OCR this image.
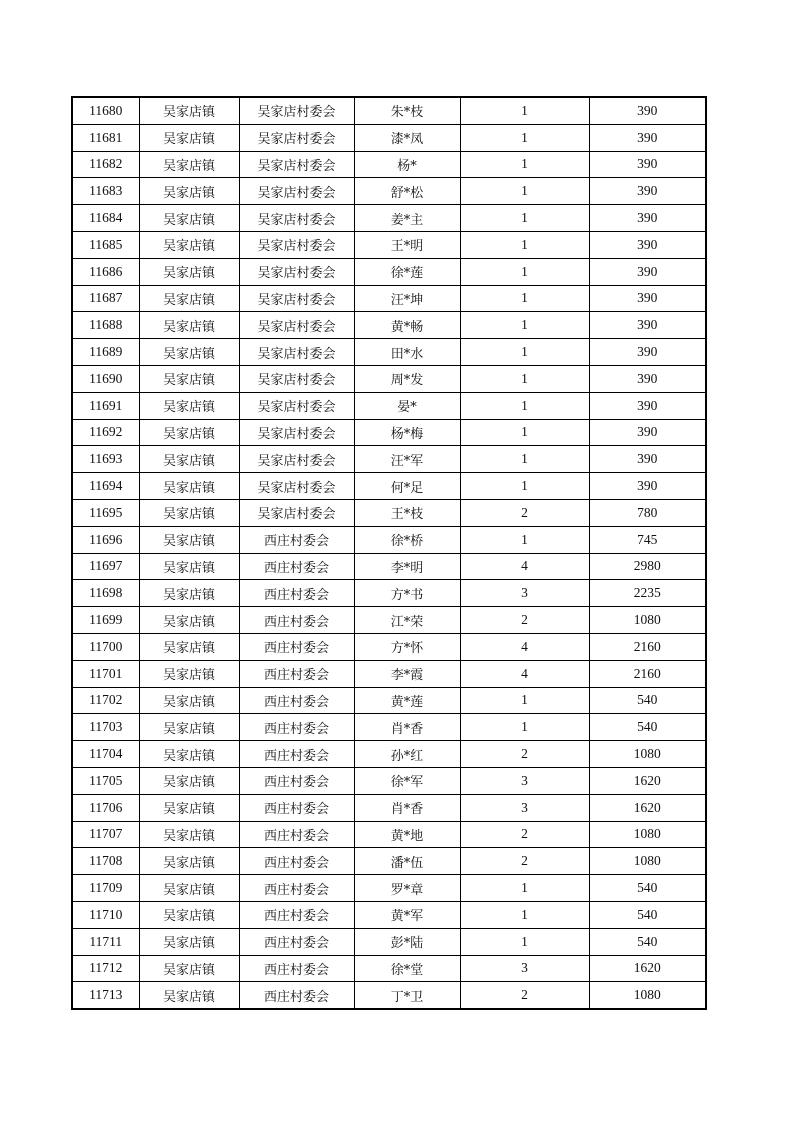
11680	吴家店镇	吴家店村委会	朱*枝	1	390
11681	吴家店镇	吴家店村委会	漆*凤	1	390
11682	吴家店镇	吴家店村委会	杨*	1	390
11683	吴家店镇	吴家店村委会	舒*松	1	390
11684	吴家店镇	吴家店村委会	姜*主	1	390
11685	吴家店镇	吴家店村委会	王*明	1	390
11686	吴家店镇	吴家店村委会	徐*莲	1	390
11687	吴家店镇	吴家店村委会	汪*坤	1	390
11688	吴家店镇	吴家店村委会	黄*畅	1	390
11689	吴家店镇	吴家店村委会	田*水	1	390
11690	吴家店镇	吴家店村委会	周*发	1	390
11691	吴家店镇	吴家店村委会	晏*	1	390
11692	吴家店镇	吴家店村委会	杨*梅	1	390
11693	吴家店镇	吴家店村委会	汪*军	1	390
11694	吴家店镇	吴家店村委会	何*足	1	390
11695	吴家店镇	吴家店村委会	王*枝	2	780
11696	吴家店镇	西庄村委会	徐*桥	1	745
11697	吴家店镇	西庄村委会	李*明	4	2980
11698	吴家店镇	西庄村委会	方*书	3	2235
11699	吴家店镇	西庄村委会	江*荣	2	1080
11700	吴家店镇	西庄村委会	方*怀	4	2160
11701	吴家店镇	西庄村委会	李*霞	4	2160
11702	吴家店镇	西庄村委会	黄*莲	1	540
11703	吴家店镇	西庄村委会	肖*香	1	540
11704	吴家店镇	西庄村委会	孙*红	2	1080
11705	吴家店镇	西庄村委会	徐*军	3	1620
11706	吴家店镇	西庄村委会	肖*香	3	1620
11707	吴家店镇	西庄村委会	黄*地	2	1080
11708	吴家店镇	西庄村委会	潘*伍	2	1080
11709	吴家店镇	西庄村委会	罗*章	1	540
11710	吴家店镇	西庄村委会	黄*军	1	540
11711	吴家店镇	西庄村委会	彭*陆	1	540
11712	吴家店镇	西庄村委会	徐*堂	3	1620
11713	吴家店镇	西庄村委会	丁*卫	2	1080
